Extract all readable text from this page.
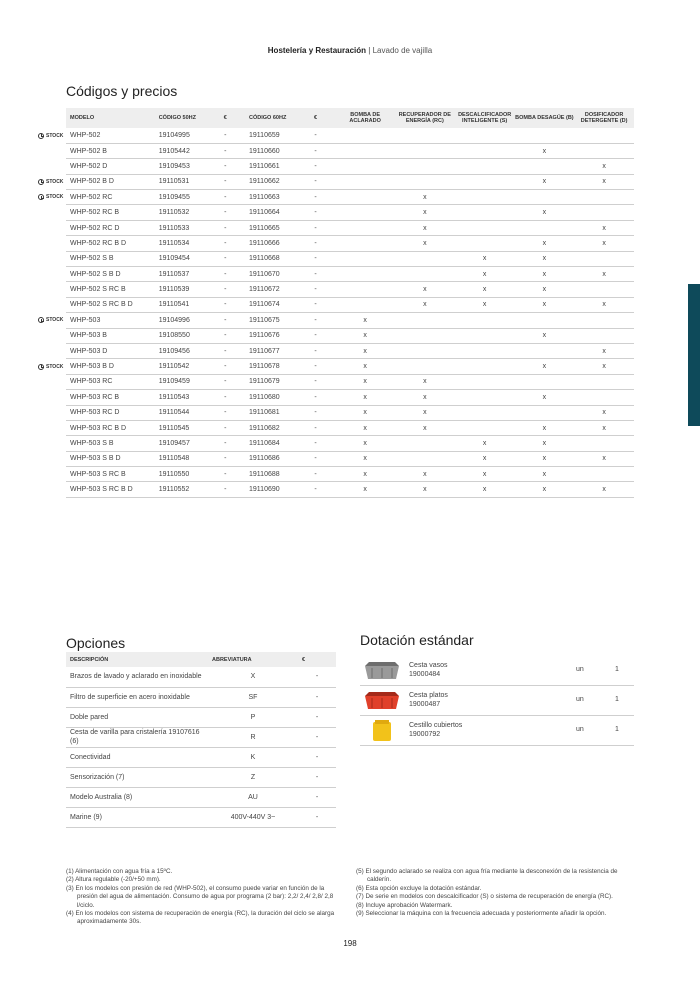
Hostelería y Restauración | Lavado de vajilla
Códigos y precios
MODELO	CÓDIGO 50HZ	€	CÓDIGO 60HZ	€	BOMBA DE ACLARADO	RECUPERADOR DE ENERGÍA (RC)	DESCALCIFICADOR INTELIGENTE (S)	BOMBA DESAGÜE (B)	DOSIFICADOR DETERGENTE (D)
WHP-502	19104995	-	19110659	-					
WHP-502 B	19105442	-	19110660	-				x	
WHP-502 D	19109453	-	19110661	-					x
WHP-502 B D	19110531	-	19110662	-				x	x
WHP-502 RC	19109455	-	19110663	-		x			
WHP-502 RC B	19110532	-	19110664	-		x		x	
WHP-502 RC D	19110533	-	19110665	-		x			x
WHP-502 RC B D	19110534	-	19110666	-		x		x	x
WHP-502 S B	19109454	-	19110668	-			x	x	
WHP-502 S B D	19110537	-	19110670	-			x	x	x
WHP-502 S RC B	19110539	-	19110672	-		x	x	x	
WHP-502 S RC B D	19110541	-	19110674	-		x	x	x	x
WHP-503	19104996	-	19110675	-	x				
WHP-503 B	19108550	-	19110676	-	x			x	
WHP-503 D	19109456	-	19110677	-	x				x
WHP-503 B D	19110542	-	19110678	-	x			x	x
WHP-503 RC	19109459	-	19110679	-	x	x			
WHP-503 RC B	19110543	-	19110680	-	x	x		x	
WHP-503 RC D	19110544	-	19110681	-	x	x			x
WHP-503 RC B D	19110545	-	19110682	-	x	x		x	x
WHP-503 S B	19109457	-	19110684	-	x		x	x	
WHP-503 S B D	19110548	-	19110686	-	x		x	x	x
WHP-503 S RC B	19110550	-	19110688	-	x	x	x	x	
WHP-503 S RC B D	19110552	-	19110690	-	x	x	x	x	x
STOCK
STOCK
STOCK
STOCK
STOCK
Opciones
DESCRIPCIÓN	ABREVIATURA	€
Brazos de lavado y aclarado en inoxidable	X	-
Filtro de superficie en acero inoxidable	SF	-
Doble pared	P	-
Cesta de varilla para cristalería 19107616 (6)	R	-
Conectividad	K	-
Sensorización (7)	Z	-
Modelo Australia (8)	AU	-
Marine (9)	400V-440V 3~	-
Dotación estándar
Cesta vasos
19000484
un	1
Cesta platos
19000487
un	1
Cestillo cubiertos
19000792
un	1

(1) Alimentación con agua fría a 15ºC.

(2) Altura regulable (-20/+50 mm).

(3) En los modelos con presión de red (WHP-502), el consumo puede variar en función de la presión del agua de alimentación. Consumo de agua por programa (2 bar): 2,2/ 2,4/ 2,8/ 2,8 l/ciclo.

(4) En los modelos con sistema de recuperación de energía (RC), la duración del ciclo se alarga aproximadamente 30s.

(5) El segundo aclarado se realiza con agua fría mediante la desconexión de la resistencia de calderín.

(6) Esta opción excluye la dotación estándar.

(7) De serie en modelos con descalcificador (S) o sistema de recuperación de energía (RC).

(8) Incluye aprobación Watermark.

(9) Seleccionar la máquina con la frecuencia adecuada y posteriormente añadir la opción.

198
